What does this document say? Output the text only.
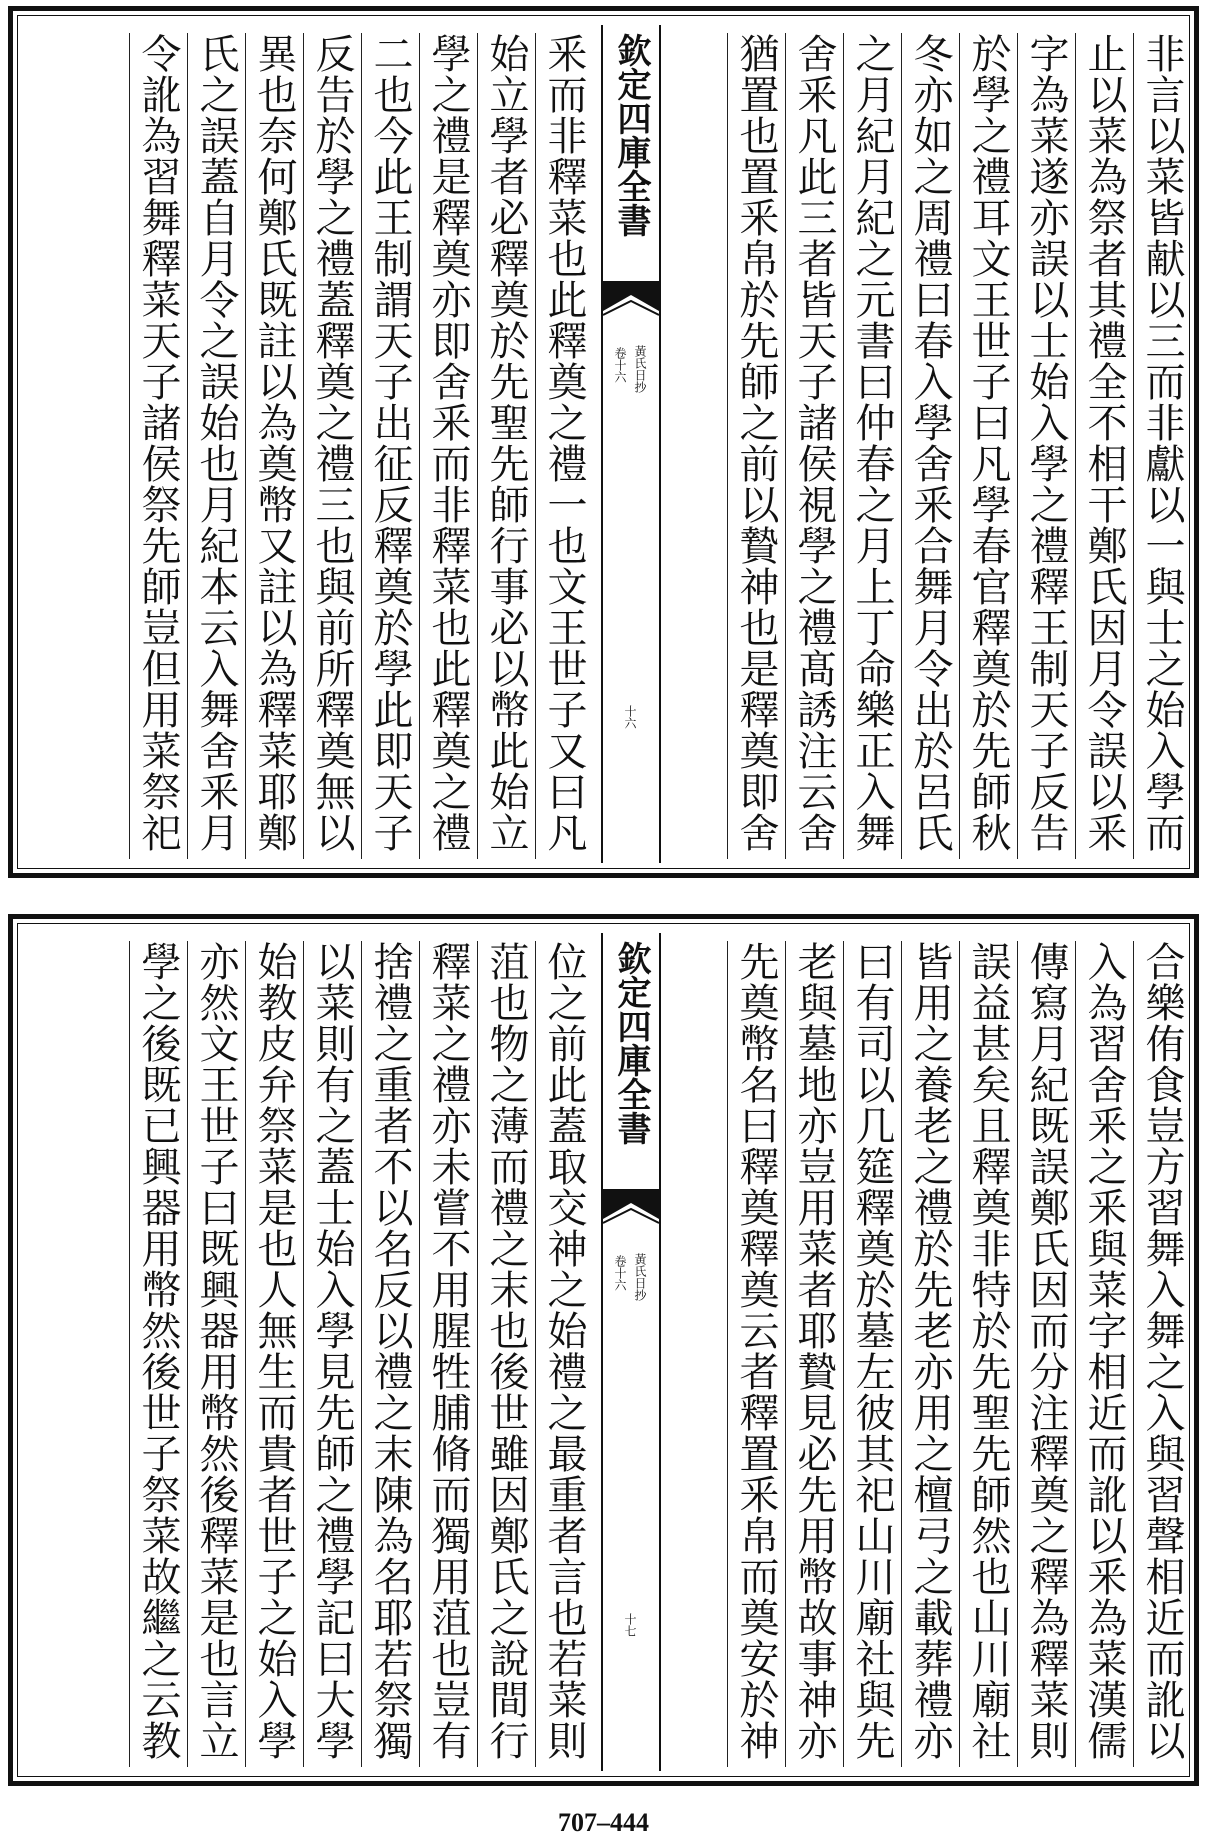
非言以菜皆献以三而非獻以一與士之始入學而
止以菜為祭者其禮全不相干鄭氏因月令誤以釆
字為菜遂亦誤以士始入學之禮釋王制天子反告
於學之禮耳文王世子曰凡學春官釋奠於先師秋
冬亦如之周禮曰春入學舍釆合舞月令出於呂氏
之月紀月紀之元書曰仲春之月上丁命樂正入舞
舍釆凡此三者皆天子諸侯視學之禮髙誘注云舍
猶置也置釆帛於先師之前以贄神也是釋奠即舍
欽定四庫全書
黃氏日抄
卷十六
十六
釆而非釋菜也此釋奠之禮一也文王世子又曰凡
始立學者必釋奠於先聖先師行事必以幣此始立
學之禮是釋奠亦即舍釆而非釋菜也此釋奠之禮
二也今此王制謂天子出征反釋奠於學此即天子
反告於學之禮蓋釋奠之禮三也與前所釋奠無以
異也奈何鄭氏既註以為奠幣又註以為釋菜耶鄭
氏之誤蓋自月令之誤始也月紀本云入舞舍釆月
令訛為習舞釋菜天子諸侯祭先師豈但用菜祭祀
合樂侑食豈方習舞入舞之入與習聲相近而訛以
入為習舍釆之釆與菜字相近而訛以釆為菜漢儒
傳寫月紀既誤鄭氏因而分注釋奠之釋為釋菜則
誤益甚矣且釋奠非特於先聖先師然也山川廟社
皆用之養老之禮於先老亦用之檀弓之載葬禮亦
曰有司以几筵釋奠於墓左彼其祀山川廟社與先
老與墓地亦豈用菜者耶贄見必先用幣故事神亦
先奠幣名曰釋奠釋奠云者釋置釆帛而奠安於神
欽定四庫全書
黃氏日抄
卷十六
十七
位之前此蓋取交神之始禮之最重者言也若菜則
菹也物之薄而禮之末也後世雖因鄭氏之說間行
釋菜之禮亦未嘗不用腥牲脯脩而獨用菹也豈有
捨禮之重者不以名反以禮之末陳為名耶若祭獨
以菜則有之蓋士始入學見先師之禮學記曰大學
始教皮弁祭菜是也人無生而貴者世子之始入學
亦然文王世子曰既興器用幣然後釋菜是也言立
學之後既已興器用幣然後世子祭菜故繼之云教
707–444
